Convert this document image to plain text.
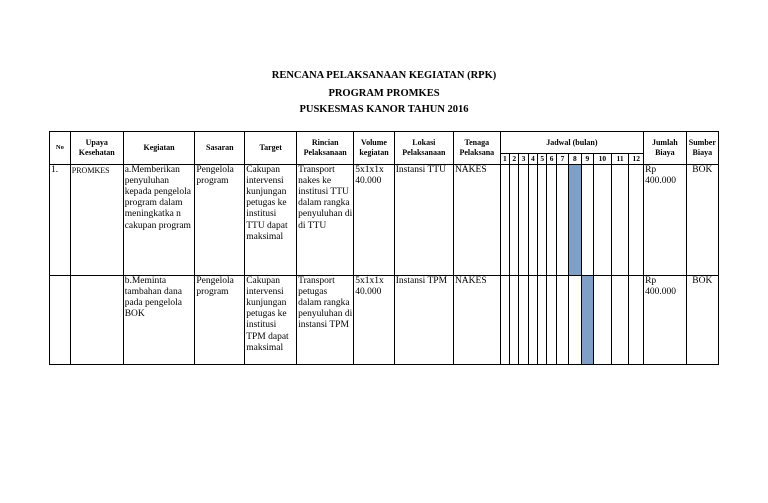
RENCANA PELAKSANAAN KEGIATAN (RPK)
PROGRAM PROMKES
PUSKESMAS KANOR TAHUN 2016
No	Upaya Kesehatan	Kegiatan	Sasaran	Target	Rincian Pelaksanaan	Volume kegiatan	Lokasi Pelaksanaan	Tenaga Pelaksana	Jadwal (bulan)												Jumlah Biaya	Sumber Biaya
									1	2	3	4	5	6	7	8	9	10	11	12		
1.	PROMKES	a.Memberikan penyuluhan kepada pengelola program dalam meningkatka n cakupan program	Pengelola program	Cakupan intervensi kunjungan petugas ke institusi TTU dapat maksimal	Transport nakes ke institusi TTU dalam rangka penyuluhan di di TTU	5x1x1x 40.000	Instansi TTU	NAKES													Rp 400.000	BOK
		b.Meminta tambahan dana pada pengelola BOK	Pengelola program	Cakupan intervensi kunjungan petugas ke institusi TPM dapat maksimal	Transport petugas dalam rangka penyuluhan di instansi TPM	5x1x1x 40.000	Instansi TPM	NAKES													Rp 400.000	BOK
